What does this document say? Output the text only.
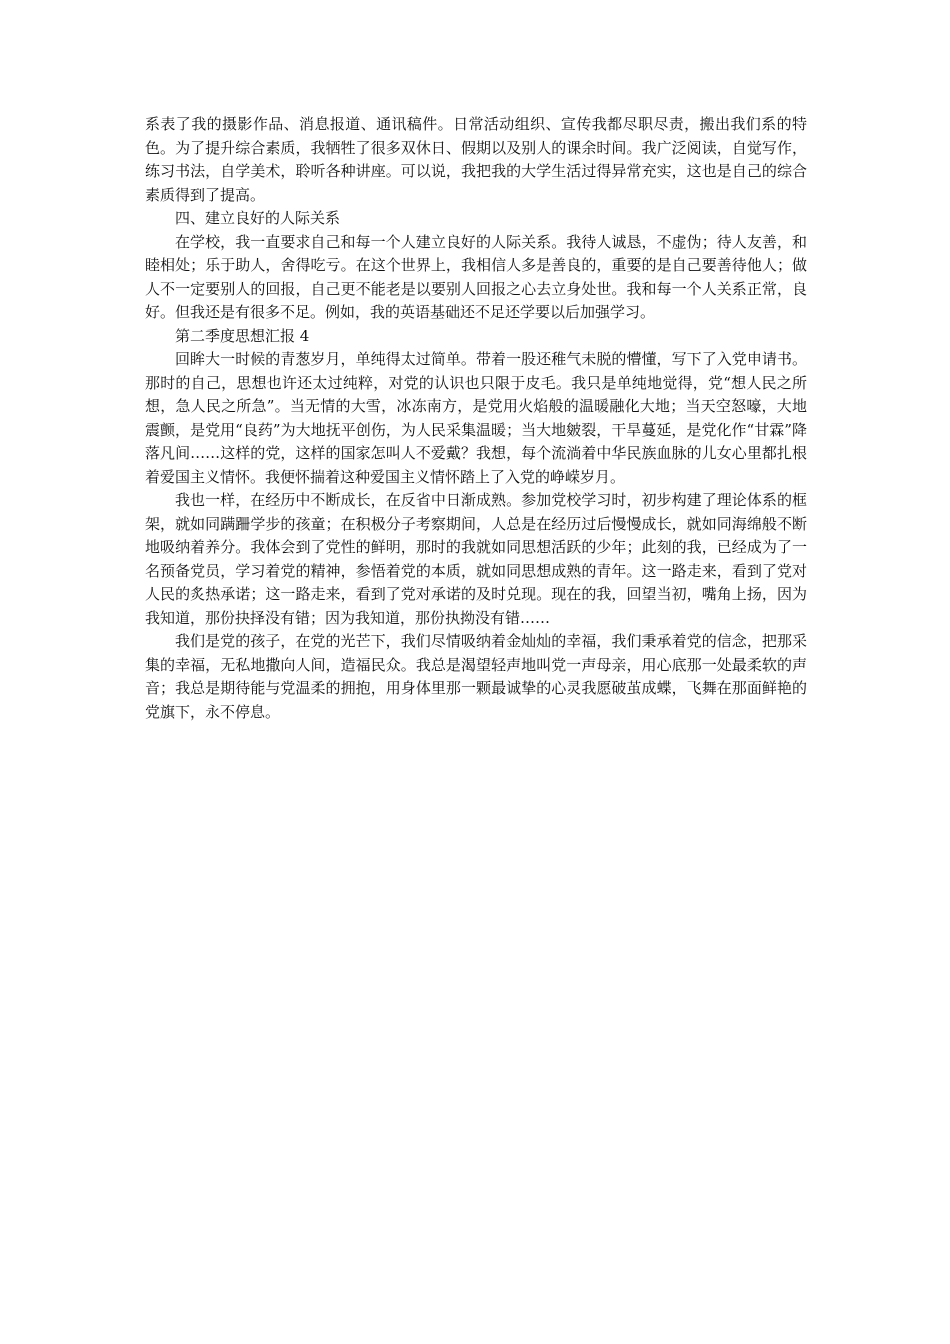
系表了我的摄影作品、消息报道、通讯稿件。日常活动组织、宣传我都尽职尽责，搬出我们系的特色。为了提升综合素质，我牺牲了很多双休日、假期以及别人的课余时间。我广泛阅读，自觉写作，练习书法，自学美术，聆听各种讲座。可以说，我把我的大学生活过得异常充实，这也是自己的综合素质得到了提高。

四、建立良好的人际关系

在学校，我一直要求自己和每一个人建立良好的人际关系。我待人诚恳，不虚伪；待人友善，和睦相处；乐于助人，舍得吃亏。在这个世界上，我相信人多是善良的，重要的是自己要善待他人；做人不一定要别人的回报，自己更不能老是以要别人回报之心去立身处世。我和每一个人关系正常，良好。但我还是有很多不足。例如，我的英语基础还不足还学要以后加强学习。

第二季度思想汇报 4

回眸大一时候的青葱岁月，单纯得太过简单。带着一股还稚气未脱的懵懂，写下了入党申请书。那时的自己，思想也许还太过纯粹，对党的认识也只限于皮毛。我只是单纯地觉得，党“想人民之所想，急人民之所急”。当无情的大雪，冰冻南方，是党用火焰般的温暖融化大地；当天空怒嚎，大地震颤，是党用“良药”为大地抚平创伤，为人民采集温暖；当大地皴裂，干旱蔓延，是党化作“甘霖”降落凡间……这样的党，这样的国家怎叫人不爱戴？我想，每个流淌着中华民族血脉的儿女心里都扎根着爱国主义情怀。我便怀揣着这种爱国主义情怀踏上了入党的峥嵘岁月。

我也一样，在经历中不断成长，在反省中日渐成熟。参加党校学习时，初步构建了理论体系的框架，就如同蹒跚学步的孩童；在积极分子考察期间，人总是在经历过后慢慢成长，就如同海绵般不断地吸纳着养分。我体会到了党性的鲜明，那时的我就如同思想活跃的少年；此刻的我，已经成为了一名预备党员，学习着党的精神，参悟着党的本质，就如同思想成熟的青年。这一路走来，看到了党对人民的炙热承诺；这一路走来，看到了党对承诺的及时兑现。现在的我，回望当初，嘴角上扬，因为我知道，那份抉择没有错；因为我知道，那份执拗没有错……

我们是党的孩子，在党的光芒下，我们尽情吸纳着金灿灿的幸福，我们秉承着党的信念，把那采集的幸福，无私地撒向人间，造福民众。我总是渴望轻声地叫党一声母亲，用心底那一处最柔软的声音；我总是期待能与党温柔的拥抱，用身体里那一颗最诚挚的心灵我愿破茧成蝶，飞舞在那面鲜艳的党旗下，永不停息。
